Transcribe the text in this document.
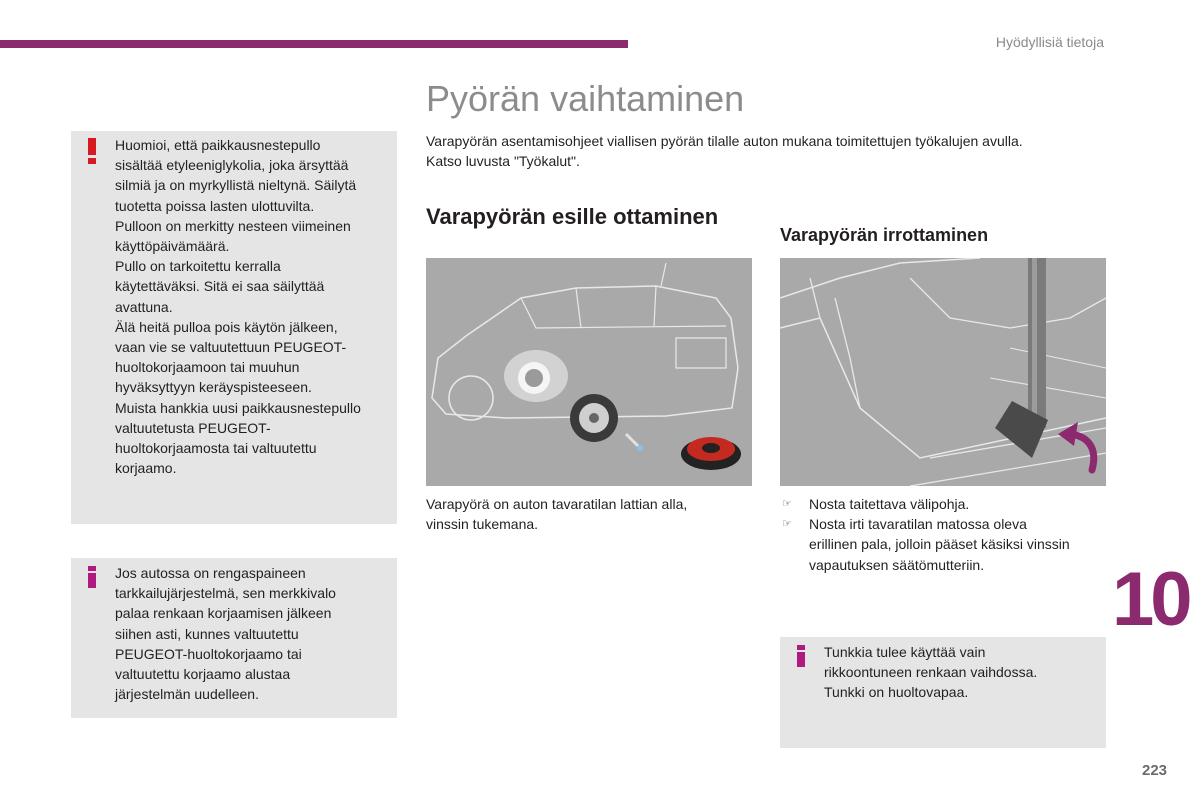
Hyödyllisiä tietoja
Pyörän vaihtaminen
Varapyörän asentamisohjeet viallisen pyörän tilalle auton mukana toimitettujen työkalujen avulla.
Katso luvusta "Työkalut".
Huomioi, että paikkausnestepullo
sisältää etyleeniglykolia, joka ärsyttää
silmiä ja on myrkyllistä nieltynä. Säilytä
tuotetta poissa lasten ulottuvilta.
Pulloon on merkitty nesteen viimeinen
käyttöpäivämäärä.
Pullo on tarkoitettu kerralla
käytettäväksi. Sitä ei saa säilyttää
avattuna.
Älä heitä pulloa pois käytön jälkeen,
vaan vie se valtuutettuun PEUGEOT-
huoltokorjaamoon tai muuhun
hyväksyttyyn keräyspisteeseen.
Muista hankkia uusi paikkausnestepullo
valtuutetusta PEUGEOT-
huoltokorjaamosta tai valtuutettu
korjaamo.
Jos autossa on rengaspaineen
tarkkailujärjestelmä, sen merkkivalo
palaa renkaan korjaamisen jälkeen
siihen asti, kunnes valtuutettu
PEUGEOT-huoltokorjaamo tai
valtuutettu korjaamo alustaa
järjestelmän uudelleen.
Varapyörän esille ottaminen
Varapyörä on auton tavaratilan lattian alla,
vinssin tukemana.
Varapyörän irrottaminen
☞ Nosta taitettava välipohja.
☞ Nosta irti tavaratilan matossa oleva
erillinen pala, jolloin pääset käsiksi vinssin
vapautuksen säätömutteriin.
Tunkkia tulee käyttää vain
rikkoontuneen renkaan vaihdossa.
Tunkki on huoltovapaa.
10
223
